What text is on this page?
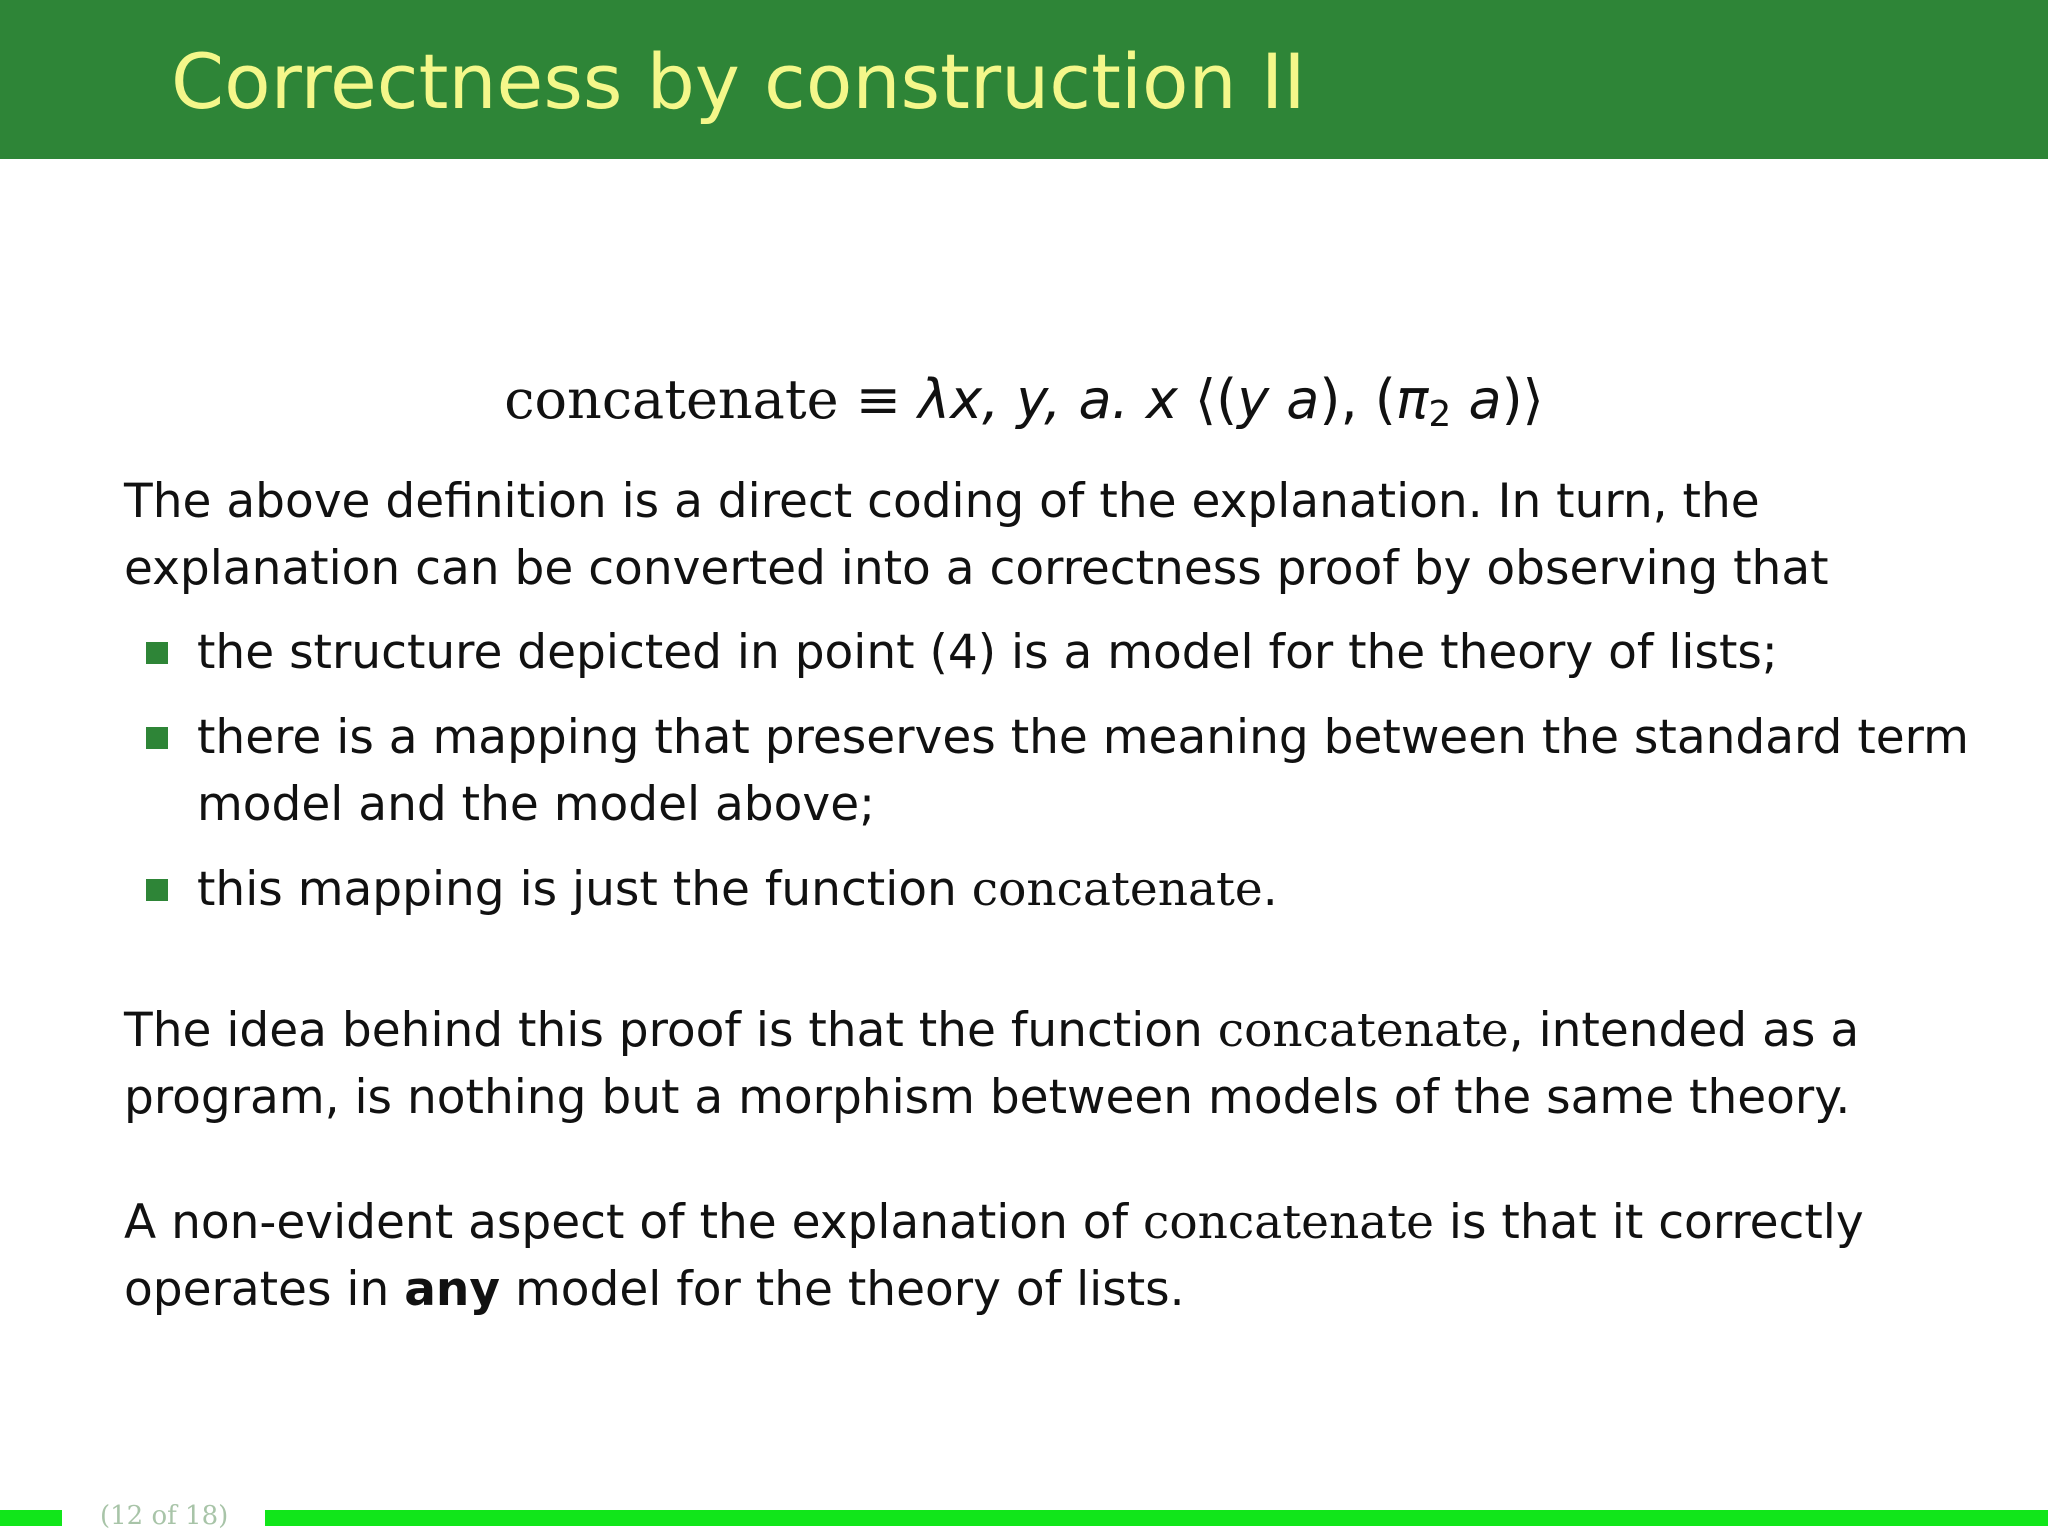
Correctness by construction II
concatenate ≡ λx, y, a. x ⟨(y a), ($\pi_2$ a)⟩
The above definition is a direct coding of the explanation. In turn, the
explanation can be converted into a correctness proof by observing that
the structure depicted in point (4) is a model for the theory of lists;
there is a mapping that preserves the meaning between the standard term
model and the model above;
this mapping is just the function concatenate.
The idea behind this proof is that the function concatenate, intended as a
program, is nothing but a morphism between models of the same theory.
A non-evident aspect of the explanation of concatenate is that it correctly
operates in any model for the theory of lists.
(12 of 18)
